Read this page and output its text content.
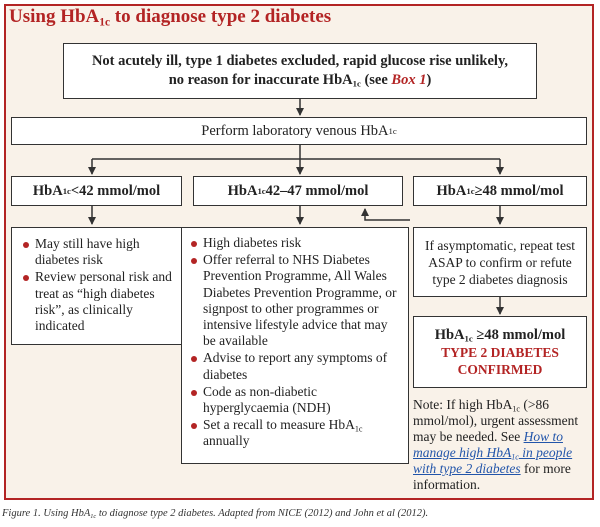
Using HbA$_{1c}$ to diagnose type 2 diabetes
Not acutely ill, type 1 diabetes excluded, rapid glucose rise unlikely,
no reason for inaccurate HbA$_{1c}$ (see Box 1)
Perform laboratory venous HbA 1c
HbA 1c <42 mmol/mol	HbA 1c 42–47 mmol/mol	HbA 1c ≥48 mmol/mol
May still have high diabetes risk
Review personal risk and treat as “high diabetes risk”, as clinically indicated
High diabetes risk
Offer referral to NHS Diabetes Prevention Programme, All Wales Diabetes Prevention Programme, or signpost to other programmes or intensive lifestyle advice that may be available
Advise to report any symptoms of diabetes
Code as non-diabetic hyperglycaemia (NDH)
Set a recall to measure HbA$_{1c}$ annually
If asymptomatic, repeat test ASAP to confirm or refute type 2 diabetes diagnosis
HbA$_{1c}$ ≥48 mmol/mol
TYPE 2 DIABETES
CONFIRMED
Note: If high HbA$_{1c}$ (>86 mmol/mol), urgent assessment may be needed. See How to manage high HbA$_{1c}$ in people with type 2 diabetes for more information.
Figure 1. Using HbA$_{1c}$ to diagnose type 2 diabetes. Adapted from NICE (2012) and John et al (2012).
